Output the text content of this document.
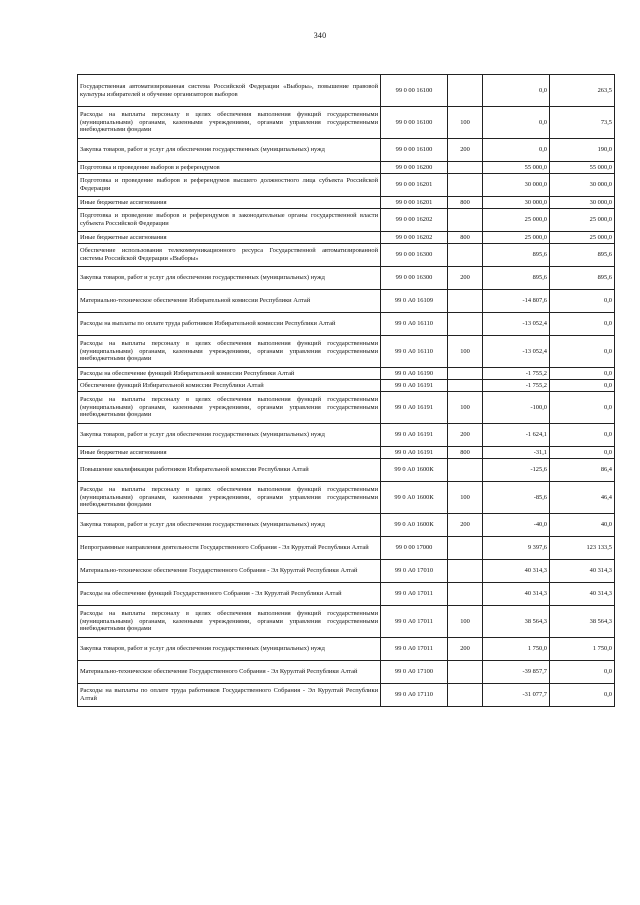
340
Государственная автоматизированная система Российской Федерации «Выборы», повышение правовой культуры избирателей и обучение организаторов выборов	99 0 00 16100		0,0	263,5
Расходы на выплаты персоналу в целях обеспечения выполнения функций государственными (муниципальными) органами, казенными учреждениями, органами управления государственными внебюджетными фондами	99 0 00 16100	100	0,0	73,5
Закупка товаров, работ и услуг для обеспечения государственных (муниципальных) нужд	99 0 00 16100	200	0,0	190,0
Подготовка и проведение выборов и референдумов	99 0 00 16200		55 000,0	55 000,0
Подготовка и проведение выборов и референдумов высшего должностного лица субъекта Российской Федерации	99 0 00 16201		30 000,0	30 000,0
Иные бюджетные ассигнования	99 0 00 16201	800	30 000,0	30 000,0
Подготовка и проведение выборов и референдумов в законодательные органы государственной власти субъекта Российской Федерации	99 0 00 16202		25 000,0	25 000,0
Иные бюджетные ассигнования	99 0 00 16202	800	25 000,0	25 000,0
Обеспечение использования телекоммуникационного ресурса Государственной автоматизированной системы Российской Федерации «Выборы»	99 0 00 16300		895,6	895,6
Закупка товаров, работ и услуг для обеспечения государственных (муниципальных) нужд	99 0 00 16300	200	895,6	895,6
Материально-техническое обеспечение Избирательной комиссии Республики Алтай	99 0 А0 16109		-14 807,6	0,0
Расходы на выплаты по оплате труда работников Избирательной комиссии Республики Алтай	99 0 А0 16110		-13 052,4	0,0
Расходы на выплаты персоналу в целях обеспечения выполнения функций государственными (муниципальными) органами, казенными учреждениями, органами управления государственными внебюджетными фондами	99 0 А0 16110	100	-13 052,4	0,0
Расходы на обеспечение функций Избирательной комиссии Республики Алтай	99 0 А0 16190		-1 755,2	0,0
Обеспечение функций Избирательной комиссии Республики Алтай	99 0 А0 16191		-1 755,2	0,0
Расходы на выплаты персоналу в целях обеспечения выполнения функций государственными (муниципальными) органами, казенными учреждениями, органами управления государственными внебюджетными фондами	99 0 А0 16191	100	-100,0	0,0
Закупка товаров, работ и услуг для обеспечения государственных (муниципальных) нужд	99 0 А0 16191	200	-1 624,1	0,0
Иные бюджетные ассигнования	99 0 А0 16191	800	-31,1	0,0
Повышение квалификации работников Избирательной комиссии Республики Алтай	99 0 А0 1600К		-125,6	86,4
Расходы на выплаты персоналу в целях обеспечения выполнения функций государственными (муниципальными) органами, казенными учреждениями, органами управления государственными внебюджетными фондами	99 0 А0 1600К	100	-85,6	46,4
Закупка товаров, работ и услуг для обеспечения государственных (муниципальных) нужд	99 0 А0 1600К	200	-40,0	40,0
Непрограммные направления деятельности Государственного Собрания - Эл Курултай Республики Алтай	99 0 00 17000		9 397,6	123 133,5
Материально-техническое обеспечение Государственного Собрания - Эл Курултай Республики Алтай	99 0 А0 17010		40 314,3	40 314,3
Расходы на обеспечение функций Государственного Собрания - Эл Курултай Республики Алтай	99 0 А0 17011		40 314,3	40 314,3
Расходы на выплаты персоналу в целях обеспечения выполнения функций государственными (муниципальными) органами, казенными учреждениями, органами управления государственными внебюджетными фондами	99 0 А0 17011	100	38 564,3	38 564,3
Закупка товаров, работ и услуг для обеспечения государственных (муниципальных) нужд	99 0 А0 17011	200	1 750,0	1 750,0
Материально-техническое обеспечение Государственного Собрания - Эл Курултай Республики Алтай	99 0 А0 17100		-39 857,7	0,0
Расходы на выплаты по оплате труда работников Государственного Собрания - Эл Курултай Республики Алтай	99 0 А0 17110		-31 077,7	0,0
